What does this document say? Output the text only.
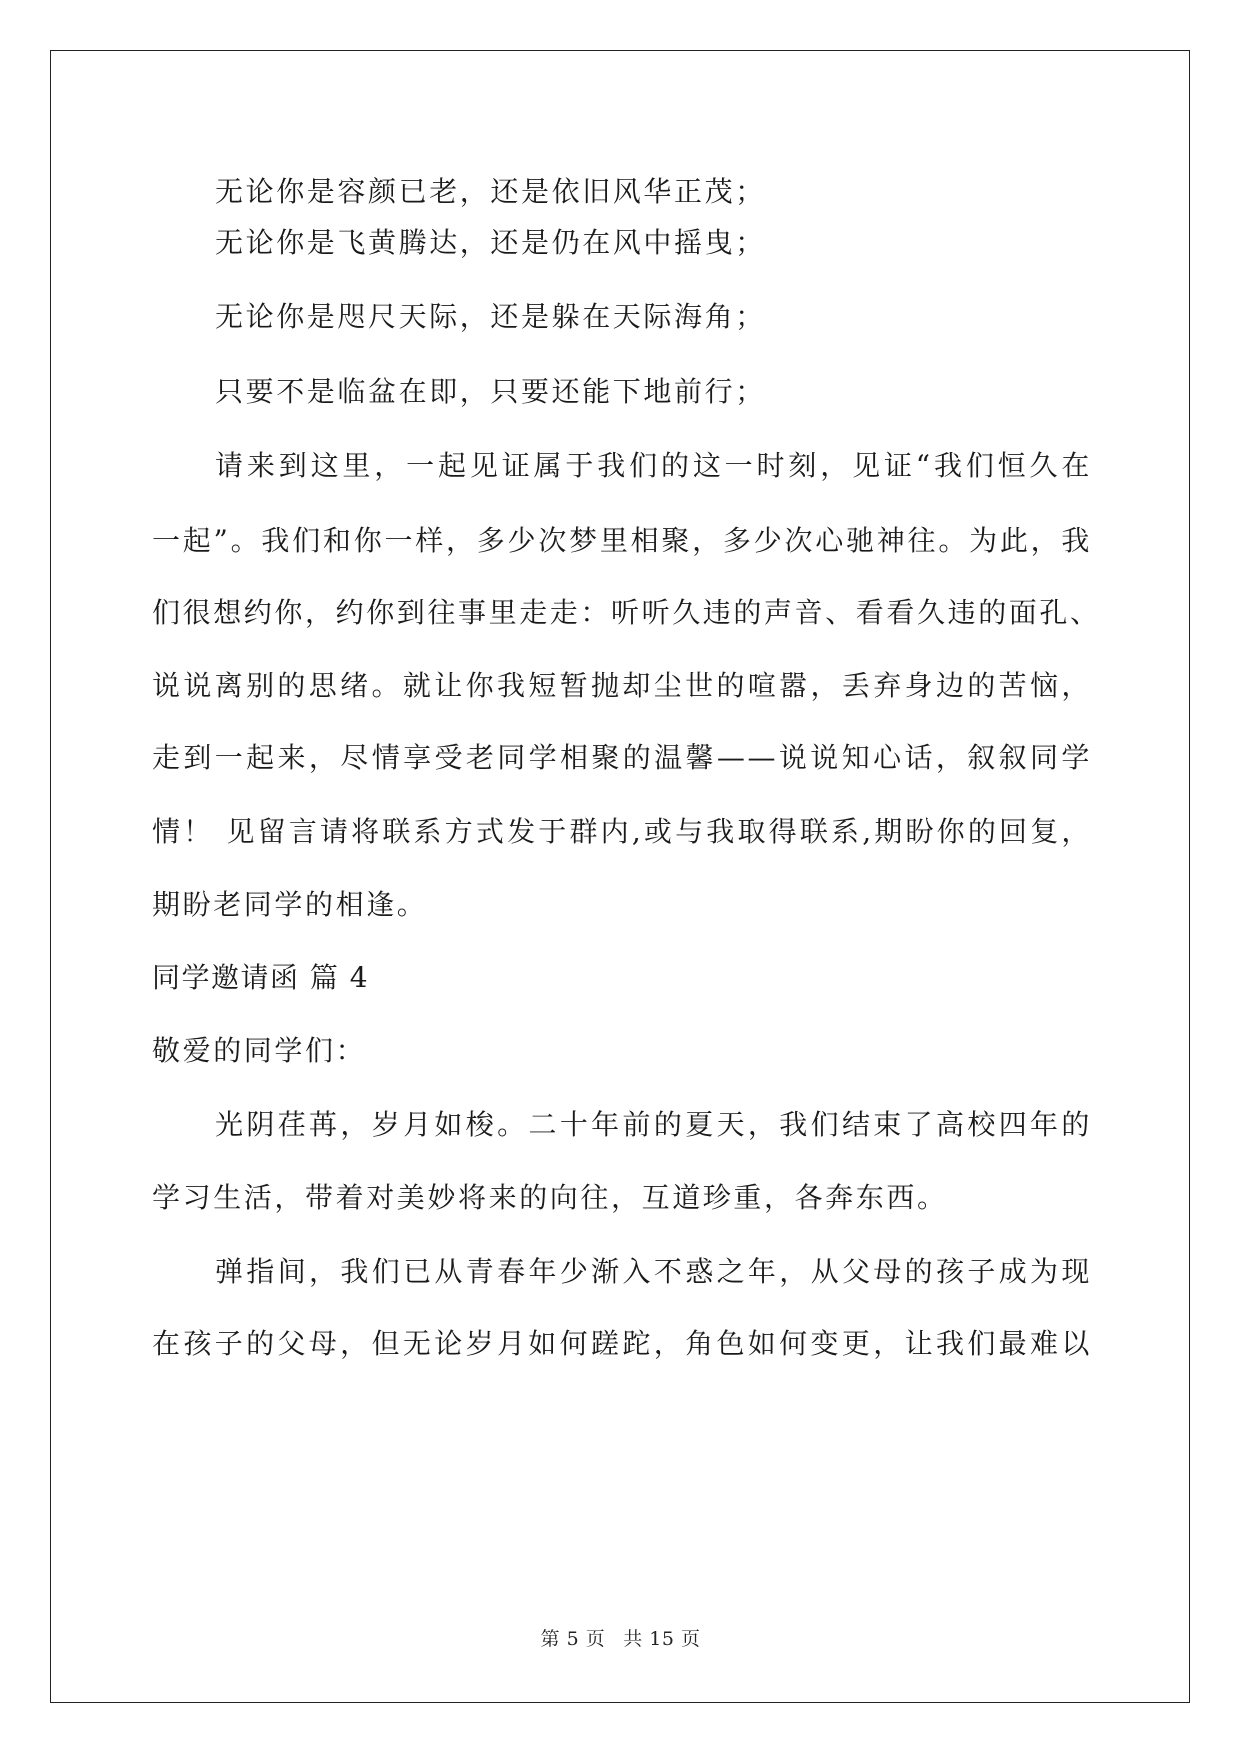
无论你是容颜已老，还是依旧风华正茂；
无论你是飞黄腾达，还是仍在风中摇曳；
无论你是咫尺天际，还是躲在天际海角；
只要不是临盆在即，只要还能下地前行；
请来到这里，一起见证属于我们的这一时刻，见证“我们恒久在
一起”。我们和你一样，多少次梦里相聚，多少次心驰神往。为此，我
们很想约你，约你到往事里走走：听听久违的声音、看看久违的面孔、
说说离别的思绪。就让你我短暂抛却尘世的喧嚣，丢弃身边的苦恼，
走到一起来，尽情享受老同学相聚的温馨——说说知心话，叙叙同学
情！ 见留言请将联系方式发于群内,或与我取得联系,期盼你的回复，
期盼老同学的相逢。
同学邀请函 篇 4
敬爱的同学们：
光阴荏苒，岁月如梭。二十年前的夏天，我们结束了高校四年的
学习生活，带着对美妙将来的向往，互道珍重，各奔东西。
弹指间，我们已从青春年少渐入不惑之年，从父母的孩子成为现
在孩子的父母，但无论岁月如何蹉跎，角色如何变更，让我们最难以
第 5 页 共 15 页
